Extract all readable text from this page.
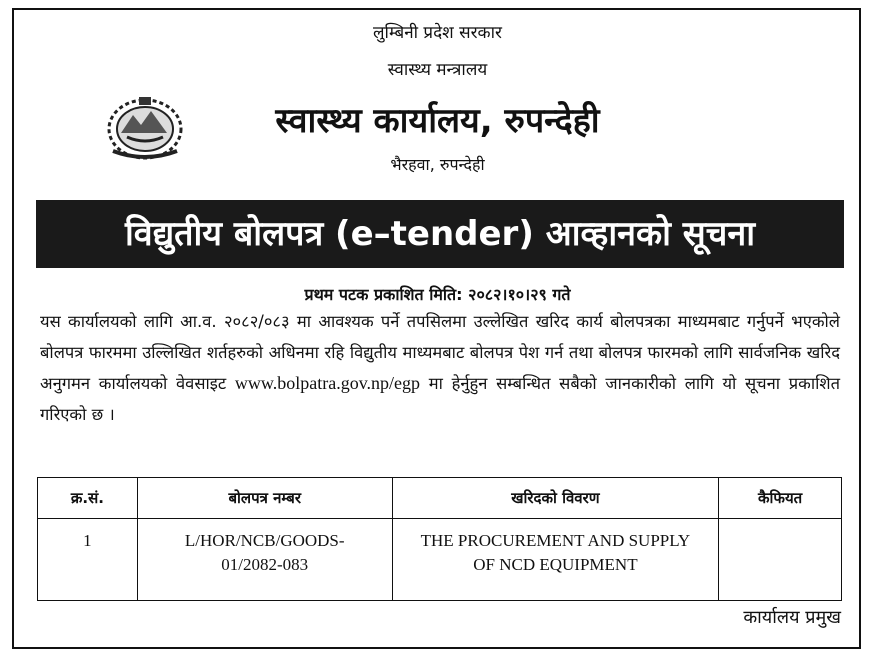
लुम्बिनी प्रदेश सरकार
स्वास्थ्य मन्त्रालय
स्वास्थ्य कार्यालय, रुपन्देही
भैरहवा, रुपन्देही
विद्युतीय बोलपत्र (e–tender) आव्हानको सूचना
प्रथम पटक प्रकाशित मिति: २०८२।१०।२९ गते
यस कार्यालयको लागि आ.व. २०८२/०८३ मा आवश्यक पर्ने तपसिलमा उल्लेखित खरिद कार्य बोलपत्रका माध्यमबाट गर्नुपर्ने भएकोले बोलपत्र फारममा उल्लिखित शर्तहरुको अधिनमा रहि विद्युतीय माध्यमबाट बोलपत्र पेश गर्न तथा बोलपत्र फारमको लागि सार्वजनिक खरिद अनुगमन कार्यालयको वेवसाइट www.bolpatra.gov.np/egp मा हेर्नुहुन सम्बन्धित सबैको जानकारीको लागि यो सूचना प्रकाशित गरिएको छ ।
क्र.सं.	बोलपत्र नम्बर	खरिदको विवरण	कैफियत
1	L/HOR/NCB/GOODS-01/2082-083	THE PROCUREMENT AND SUPPLY OF NCD EQUIPMENT	
कार्यालय प्रमुख
